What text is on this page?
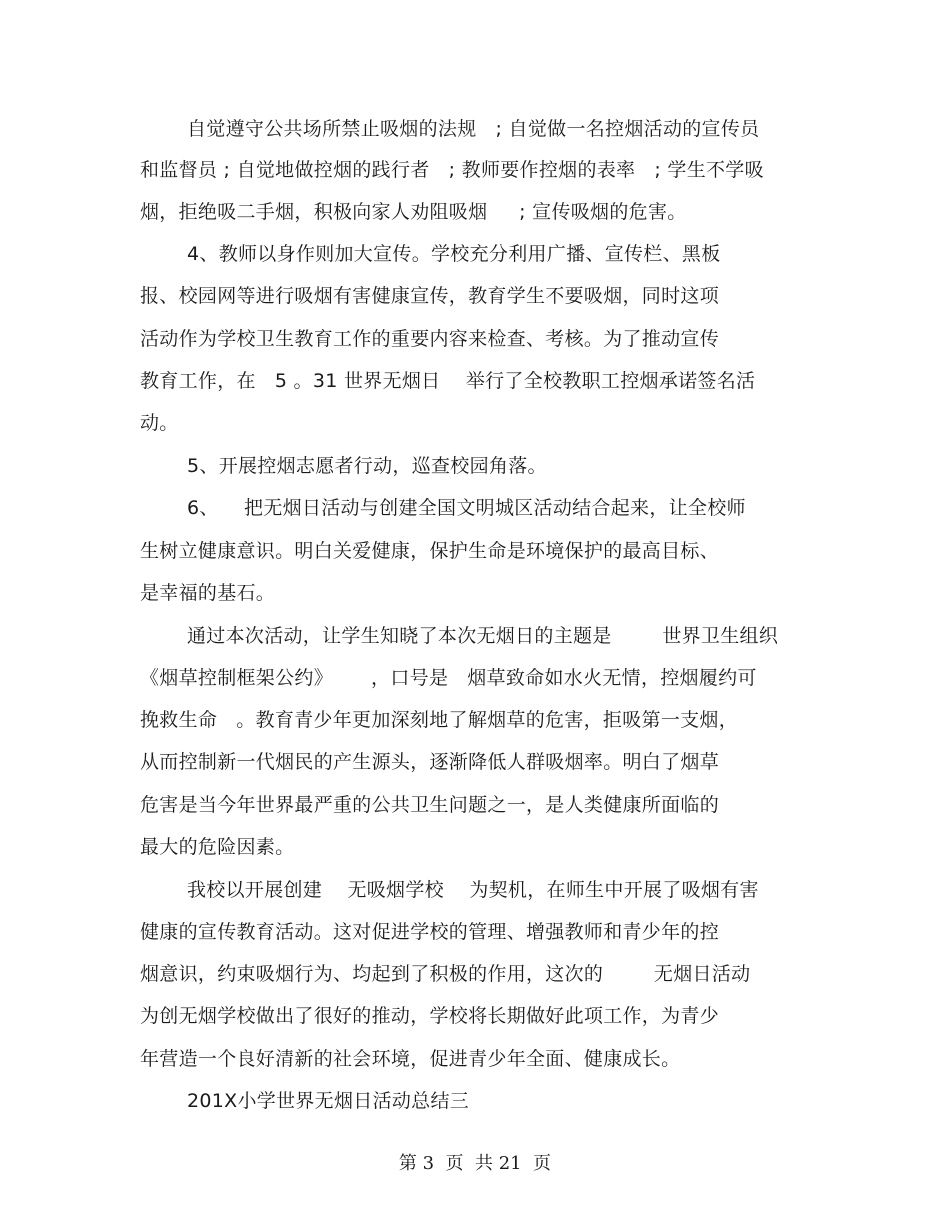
自觉遵守公共场所禁止吸烟的法规   ; 自觉做一名控烟活动的宣传员
和监督员 ; 自觉地做控烟的践行者   ; 教师要作控烟的表率   ; 学生不学吸
烟，拒绝吸二手烟，积极向家人劝阻吸烟     ; 宣传吸烟的危害。
4、教师以身作则加大宣传。学校充分利用广播、宣传栏、黑板
报、校园网等进行吸烟有害健康宣传，教育学生不要吸烟，同时这项
活动作为学校卫生教育工作的重要内容来检查、考核。为了推动宣传
教育工作，在   5 。31 世界无烟日    举行了全校教职工控烟承诺签名活
动。
5、开展控烟志愿者行动，巡查校园角落。
6、    把无烟日活动与创建全国文明城区活动结合起来，让全校师
生树立健康意识。明白关爱健康，保护生命是环境保护的最高目标、
是幸福的基石。
通过本次活动，让学生知晓了本次无烟日的主题是        世界卫生组织
《烟草控制框架公约》      ，口号是   烟草致命如水火无情，控烟履约可
挽救生命   。教育青少年更加深刻地了解烟草的危害，拒吸第一支烟，
从而控制新一代烟民的产生源头，逐渐降低人群吸烟率。明白了烟草
危害是当今年世界最严重的公共卫生问题之一，是人类健康所面临的
最大的危险因素。
我校以开展创建    无吸烟学校    为契机，在师生中开展了吸烟有害
健康的宣传教育活动。这对促进学校的管理、增强教师和青少年的控
烟意识，约束吸烟行为、均起到了积极的作用，这次的        无烟日活动
为创无烟学校做出了很好的推动，学校将长期做好此项工作，为青少
年营造一个良好清新的社会环境，促进青少年全面、健康成长。
201X小学世界无烟日活动总结三
第 3  页  共 21  页
